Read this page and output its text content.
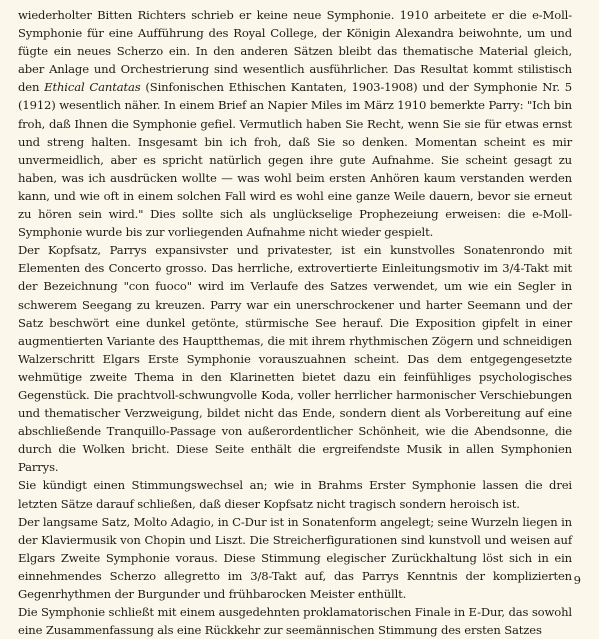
wiederholter Bitten Richters schrieb er keine neue Symphonie. 1910 arbeitete er die e-Moll-Symphonie für eine Aufführung des Royal College, der Königin Alexandra beiwohnte, um und fügte ein neues Scherzo ein. In den anderen Sätzen bleibt das thematische Material gleich, aber Anlage und Orchestrierung sind wesentlich ausführlicher. Das Resultat kommt stilistisch den Ethical Cantatas (Sinfonischen Ethischen Kantaten, 1903-1908) und der Symphonie Nr. 5 (1912) wesentlich näher. In einem Brief an Napier Miles im März 1910 bemerkte Parry: "Ich bin froh, daß Ihnen die Symphonie gefiel. Vermutlich haben Sie Recht, wenn Sie sie für etwas ernst und streng halten. Insgesamt bin ich froh, daß Sie so denken. Momentan scheint es mir unvermeidlich, aber es spricht natürlich gegen ihre gute Aufnahme. Sie scheint gesagt zu haben, was ich ausdrücken wollte — was wohl beim ersten Anhören kaum verstanden werden kann, und wie oft in einem solchen Fall wird es wohl eine ganze Weile dauern, bevor sie erneut zu hören sein wird." Dies sollte sich als unglückselige Prophezeiung erweisen: die e-Moll-Symphonie wurde bis zur vorliegenden Aufnahme nicht wieder gespielt.

Der Kopfsatz, Parrys expansivster und privatester, ist ein kunstvolles Sonatenrondo mit Elementen des Concerto grosso. Das herrliche, extrovertierte Einleitungsmotiv im 3/4-Takt mit der Bezeichnung "con fuoco" wird im Verlaufe des Satzes verwendet, um wie ein Segler in schwerem Seegang zu kreuzen. Parry war ein unerschrockener und harter Seemann und der Satz beschwört eine dunkel getönte, stürmische See herauf. Die Exposition gipfelt in einer augmentierten Variante des Hauptthemas, die mit ihrem rhythmischen Zögern und schneidigen Walzerschritt Elgars Erste Symphonie vorauszuahnen scheint. Das dem entgegengesetzte wehmütige zweite Thema in den Klarinetten bietet dazu ein feinfühliges psychologisches Gegenstück. Die prachtvoll-schwungvolle Koda, voller herrlicher harmonischer Verschiebungen und thematischer Verzweigung, bildet nicht das Ende, sondern dient als Vorbereitung auf eine abschließende Tranquillo-Passage von außerordentlicher Schönheit, wie die Abendsonne, die durch die Wolken bricht. Diese Seite enthält die ergreifendste Musik in allen Symphonien Parrys.

Sie kündigt einen Stimmungswechsel an; wie in Brahms Erster Symphonie lassen die drei letzten Sätze darauf schließen, daß dieser Kopfsatz nicht tragisch sondern heroisch ist.

Der langsame Satz, Molto Adagio, in C-Dur ist in Sonatenform angelegt; seine Wurzeln liegen in der Klaviermusik von Chopin und Liszt. Die Streicherfigurationen sind kunstvoll und weisen auf Elgars Zweite Symphonie voraus. Diese Stimmung elegischer Zurückhaltung löst sich in ein einnehmendes Scherzo allegretto im 3/8-Takt auf, das Parrys Kenntnis der komplizierten Gegenrhythmen der Burgunder und frühbarocken Meister enthüllt.

Die Symphonie schließt mit einem ausgedehnten proklamatorischen Finale in E-Dur, das sowohl eine Zusammenfassung als eine Rückkehr zur seemännischen Stimmung des ersten Satzes

9
